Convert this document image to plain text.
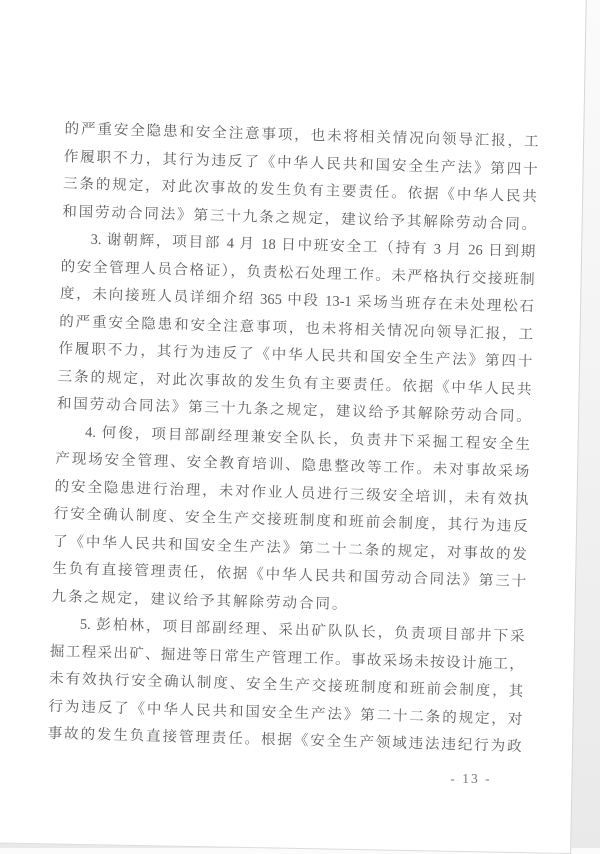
的严重安全隐患和安全注意事项，也未将相关情况向领导汇报，工
作履职不力，其行为违反了《中华人民共和国安全生产法》第四十
三条的规定，对此次事故的发生负有主要责任。依据《中华人民共
和国劳动合同法》第三十九条之规定，建议给予其解除劳动合同。
3. 谢朝辉，项目部 4 月 18 日中班安全工（持有 3 月 26 日到期
的安全管理人员合格证），负责松石处理工作。未严格执行交接班制
度，未向接班人员详细介绍 365 中段 13-1 采场当班存在未处理松石
的严重安全隐患和安全注意事项，也未将相关情况向领导汇报，工
作履职不力，其行为违反了《中华人民共和国安全生产法》第四十
三条的规定，对此次事故的发生负有主要责任。依据《中华人民共
和国劳动合同法》第三十九条之规定，建议给予其解除劳动合同。
4. 何俊，项目部副经理兼安全队长，负责井下采掘工程安全生
产现场安全管理、安全教育培训、隐患整改等工作。未对事故采场
的安全隐患进行治理，未对作业人员进行三级安全培训，未有效执
行安全确认制度、安全生产交接班制度和班前会制度，其行为违反
了《中华人民共和国安全生产法》第二十二条的规定，对事故的发
生负有直接管理责任，依据《中华人民共和国劳动合同法》第三十
九条之规定，建议给予其解除劳动合同。
5. 彭柏林，项目部副经理、采出矿队队长，负责项目部井下采
掘工程采出矿、掘进等日常生产管理工作。事故采场未按设计施工，
未有效执行安全确认制度、安全生产交接班制度和班前会制度，其
行为违反了《中华人民共和国安全生产法》第二十二条的规定，对
事故的发生负直接管理责任。根据《安全生产领域违法违纪行为政
- 13 -
